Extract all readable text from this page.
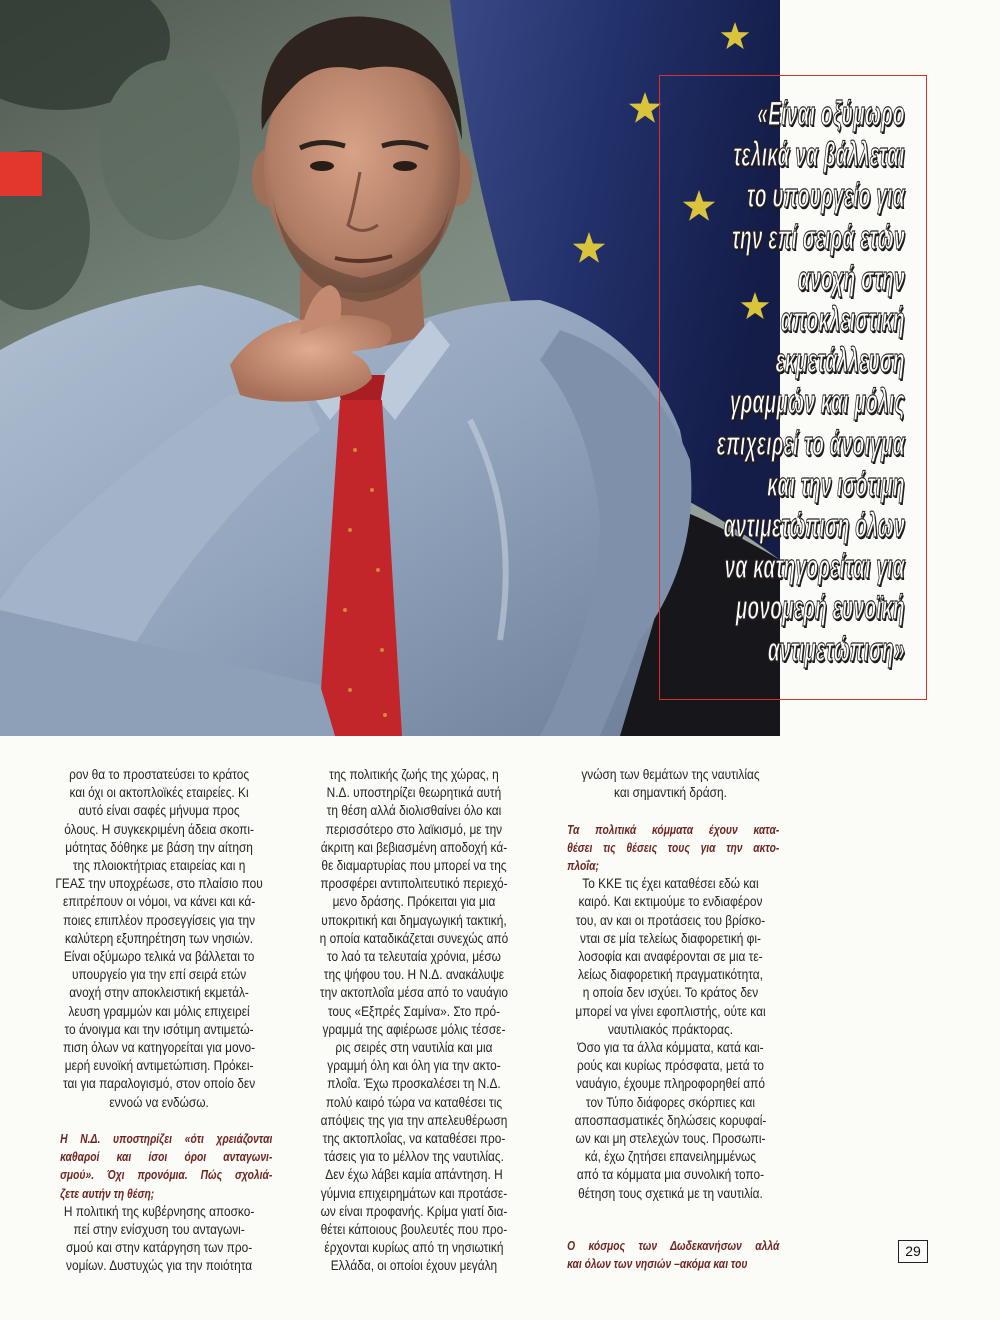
«Είναι οξύμωρο
τελικά να βάλλεται
το υπουργείο για
την επί σειρά ετών
ανοχή στην
αποκλειστική
εκμετάλλευση
γραμμών και μόλις
επιχειρεί το άνοιγμα
και την ισότιμη
αντιμετώπιση όλων
να κατηγορείται για
μονομερή ευνοϊκή
αντιμετώπιση»
ρον θα το προστατεύσει το κράτος
και όχι οι ακτοπλοϊκές εταιρείες. Κι
αυτό είναι σαφές μήνυμα προς
όλους. Η συγκεκριμένη άδεια σκοπι-
μότητας δόθηκε με βάση την αίτηση
της πλοιοκτήτριας εταιρείας και η
ΓΕΑΣ την υποχρέωσε, στο πλαίσιο που
επιτρέπουν οι νόμοι, να κάνει και κά-
ποιες επιπλέον προσεγγίσεις για την
καλύτερη εξυπηρέτηση των νησιών.
Είναι οξύμωρο τελικά να βάλλεται το
υπουργείο για την επί σειρά ετών
ανοχή στην αποκλειστική εκμετάλ-
λευση γραμμών και μόλις επιχειρεί
το άνοιγμα και την ισότιμη αντιμετώ-
πιση όλων να κατηγορείται για μονο-
μερή ευνοϊκή αντιμετώπιση. Πρόκει-
ται για παραλογισμό, στον οποίο δεν
εννοώ να ενδώσω.
Η Ν.Δ. υποστηρίζει «ότι χρειάζονται
καθαροί και ίσοι όροι ανταγωνι-
σμού». Όχι προνόμια. Πώς σχολιά-
ζετε αυτήν τη θέση;
Η πολιτική της κυβέρνησης αποσκο-
πεί στην ενίσχυση του ανταγωνι-
σμού και στην κατάργηση των προ-
νομίων. Δυστυχώς για την ποιότητα
της πολιτικής ζωής της χώρας, η
Ν.Δ. υποστηρίζει θεωρητικά αυτή
τη θέση αλλά διολισθαίνει όλο και
περισσότερο στο λαϊκισμό, με την
άκριτη και βεβιασμένη αποδοχή κά-
θε διαμαρτυρίας που μπορεί να της
προσφέρει αντιπολιτευτικό περιεχό-
μενο δράσης. Πρόκειται για μια
υποκριτική και δημαγωγική τακτική,
η οποία καταδικάζεται συνεχώς από
το λαό τα τελευταία χρόνια, μέσω
της ψήφου του. Η Ν.Δ. ανακάλυψε
την ακτοπλοΐα μέσα από το ναυάγιο
τους «Εξπρές Σαμίνα». Στο πρό-
γραμμά της αφιέρωσε μόλις τέσσε-
ρις σειρές στη ναυτιλία και μια
γραμμή όλη και όλη για την ακτο-
πλοΐα. Έχω προσκαλέσει τη Ν.Δ.
πολύ καιρό τώρα να καταθέσει τις
απόψεις της για την απελευθέρωση
της ακτοπλοΐας, να καταθέσει προ-
τάσεις για το μέλλον της ναυτιλίας.
Δεν έχω λάβει καμία απάντηση. Η
γύμνια επιχειρημάτων και προτάσε-
ων είναι προφανής. Κρίμα γιατί δια-
θέτει κάποιους βουλευτές που προ-
έρχονται κυρίως από τη νησιωτική
Ελλάδα, οι οποίοι έχουν μεγάλη
γνώση των θεμάτων της ναυτιλίας
και σημαντική δράση.
Τα πολιτικά κόμματα έχουν κατα-
θέσει τις θέσεις τους για την ακτο-
πλοΐα;
Το ΚΚΕ τις έχει καταθέσει εδώ και
καιρό. Και εκτιμούμε το ενδιαφέρον
του, αν και οι προτάσεις του βρίσκο-
νται σε μία τελείως διαφορετική φι-
λοσοφία και αναφέρονται σε μια τε-
λείως διαφορετική πραγματικότητα,
η οποία δεν ισχύει. Το κράτος δεν
μπορεί να γίνει εφοπλιστής, ούτε και
ναυτιλιακός πράκτορας.
Όσο για τα άλλα κόμματα, κατά και-
ρούς και κυρίως πρόσφατα, μετά το
ναυάγιο, έχουμε πληροφορηθεί από
τον Τύπο διάφορες σκόρπιες και
αποσπασματικές δηλώσεις κορυφαί-
ων και μη στελεχών τους. Προσωπι-
κά, έχω ζητήσει επανειλημμένως
από τα κόμματα μια συνολική τοπο-
θέτηση τους σχετικά με τη ναυτιλία.
Ο κόσμος των Δωδεκανήσων αλλά
και όλων των νησιών –ακόμα και του
29
